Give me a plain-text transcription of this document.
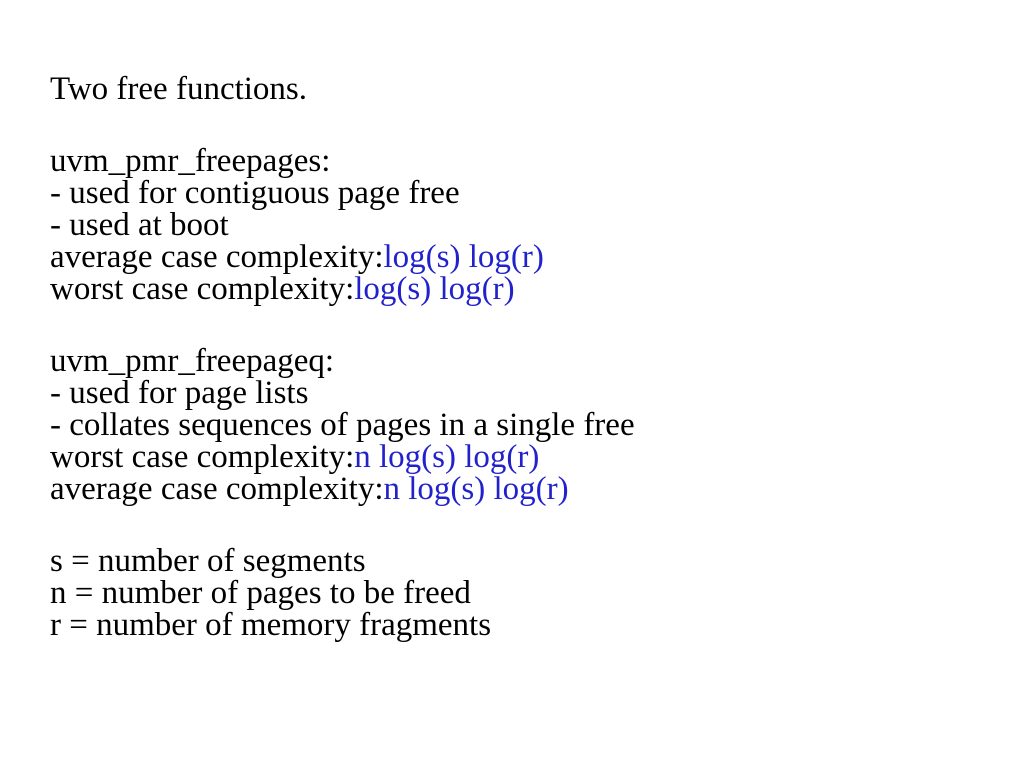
Two free functions.
uvm_pmr_freepages:
- used for contiguous page free
- used at boot
average case complexity:log(s) log(r)
worst case complexity:log(s) log(r)
uvm_pmr_freepageq:
- used for page lists
- collates sequences of pages in a single free
worst case complexity:n log(s) log(r)
average case complexity:n log(s) log(r)
s = number of segments
n = number of pages to be freed
r = number of memory fragments
